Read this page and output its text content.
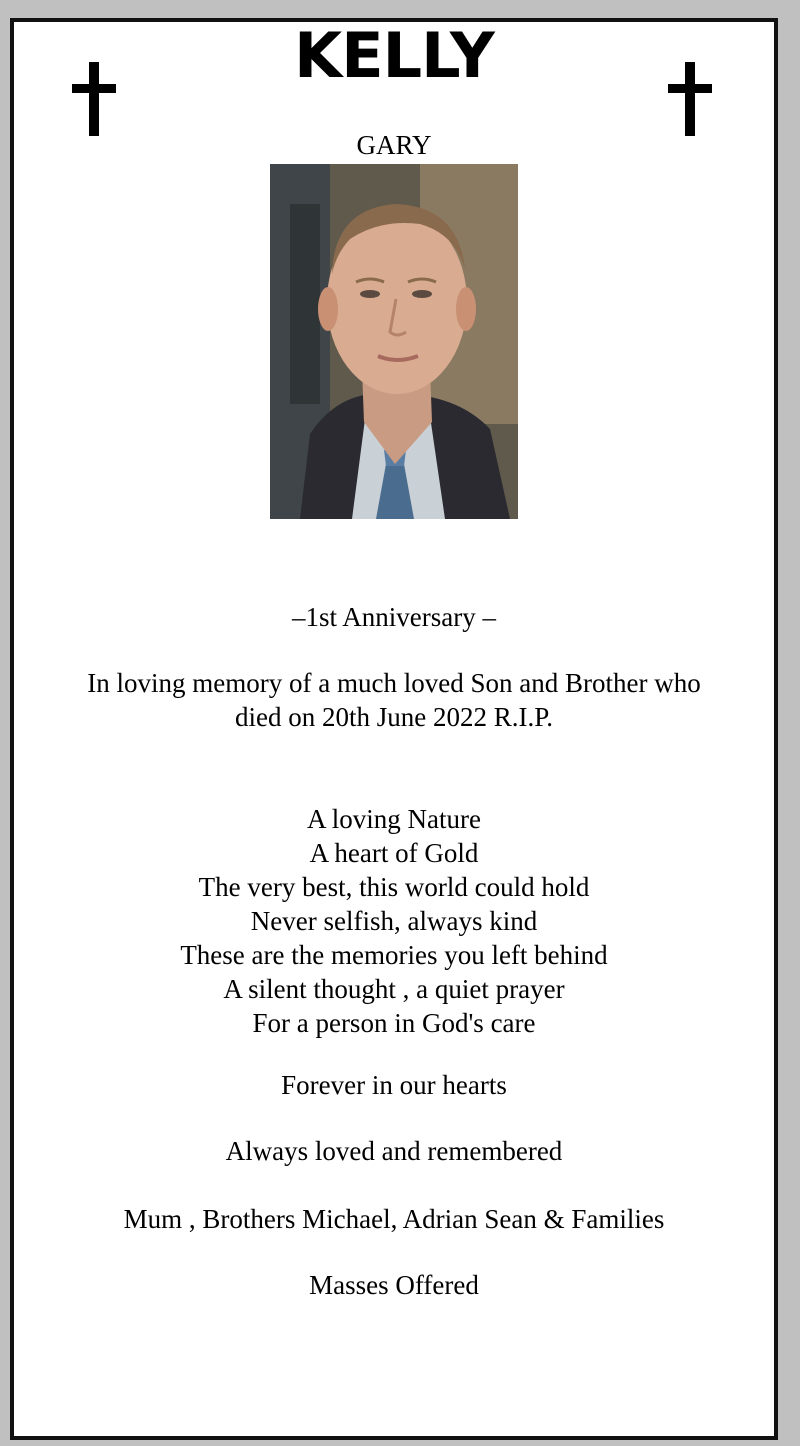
KELLY
GARY
–1st Anniversary –
In loving memory of a much loved Son and Brother who
died on 20th June 2022 R.I.P.
A loving Nature
A heart of Gold
The very best, this world could hold
Never selfish, always kind
These are the memories you left behind
A silent thought , a quiet prayer
For a person in God's care
Forever in our hearts
Always loved and remembered
Mum , Brothers Michael, Adrian Sean & Families
Masses Offered
